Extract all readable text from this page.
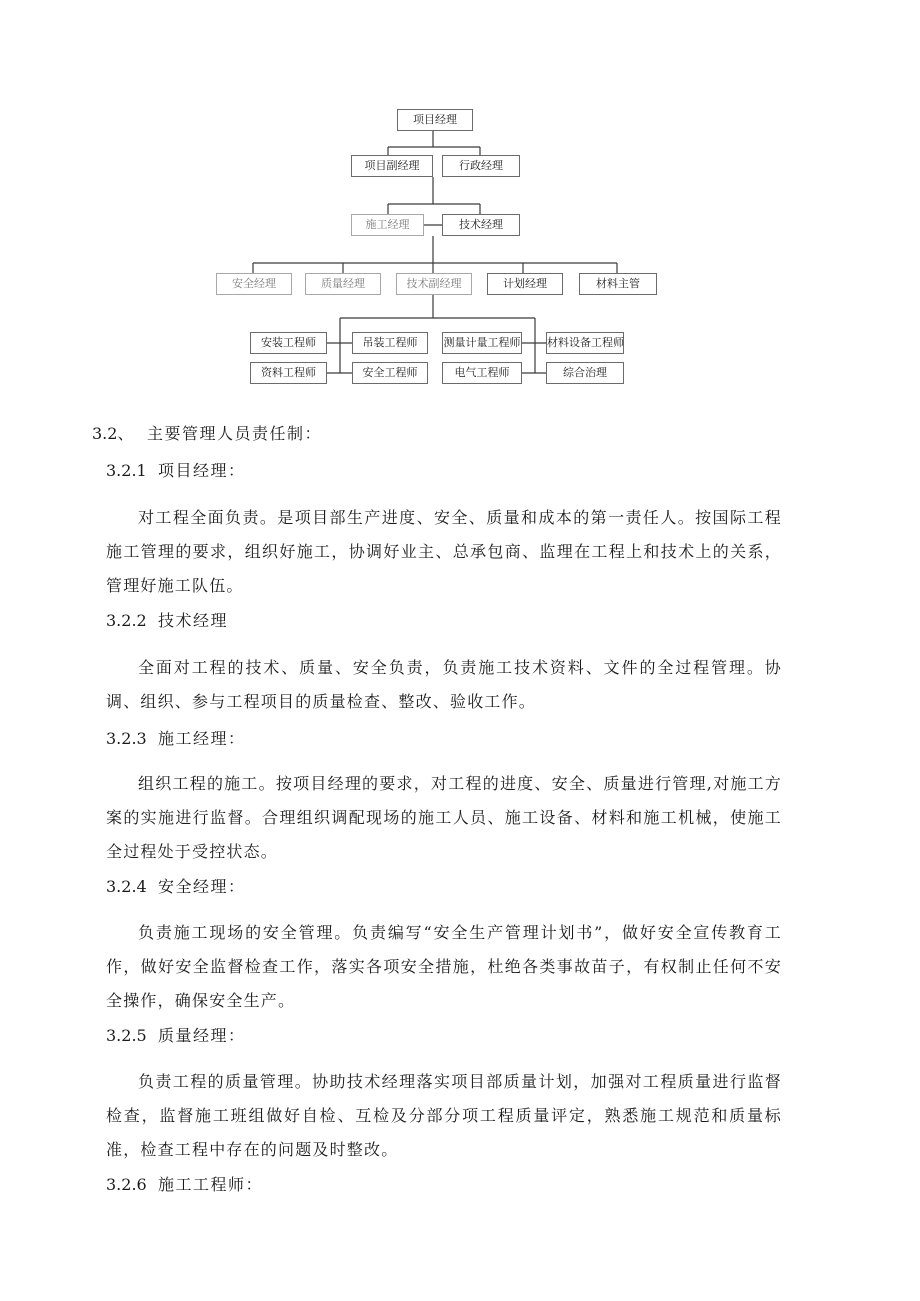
项目经理
项目副经理	行政经理
施工经理	技术经理
安全经理	质量经理	技术副经理	计划经理	材料主管
安装工程师	吊装工程师	测量计量工程师 材料设备工程师
资料工程师	安全工程师	电气工程师	综合治理
3.2、 主要管理人员责任制：
3.2.1 项目经理：
对工程全面负责。是项目部生产进度、安全、质量和成本的第一责任人。按国际工程施工管理的要求，组织好施工，协调好业主、总承包商、监理在工程上和技术上的关系，管理好施工队伍。
3.2.2 技术经理
全面对工程的技术、质量、安全负责，负责施工技术资料、文件的全过程管理。协调、组织、参与工程项目的质量检查、整改、验收工作。
3.2.3 施工经理：
组织工程的施工。按项目经理的要求，对工程的进度、安全、质量进行管理,对施工方案的实施进行监督。合理组织调配现场的施工人员、施工设备、材料和施工机械，使施工全过程处于受控状态。
3.2.4 安全经理：
负责施工现场的安全管理。负责编写“安全生产管理计划书”，做好安全宣传教育工作，做好安全监督检查工作，落实各项安全措施，杜绝各类事故苗子，有权制止任何不安全操作，确保安全生产。
3.2.5 质量经理：
负责工程的质量管理。协助技术经理落实项目部质量计划，加强对工程质量进行监督检查，监督施工班组做好自检、互检及分部分项工程质量评定，熟悉施工规范和质量标准，检查工程中存在的问题及时整改。
3.2.6 施工工程师：
